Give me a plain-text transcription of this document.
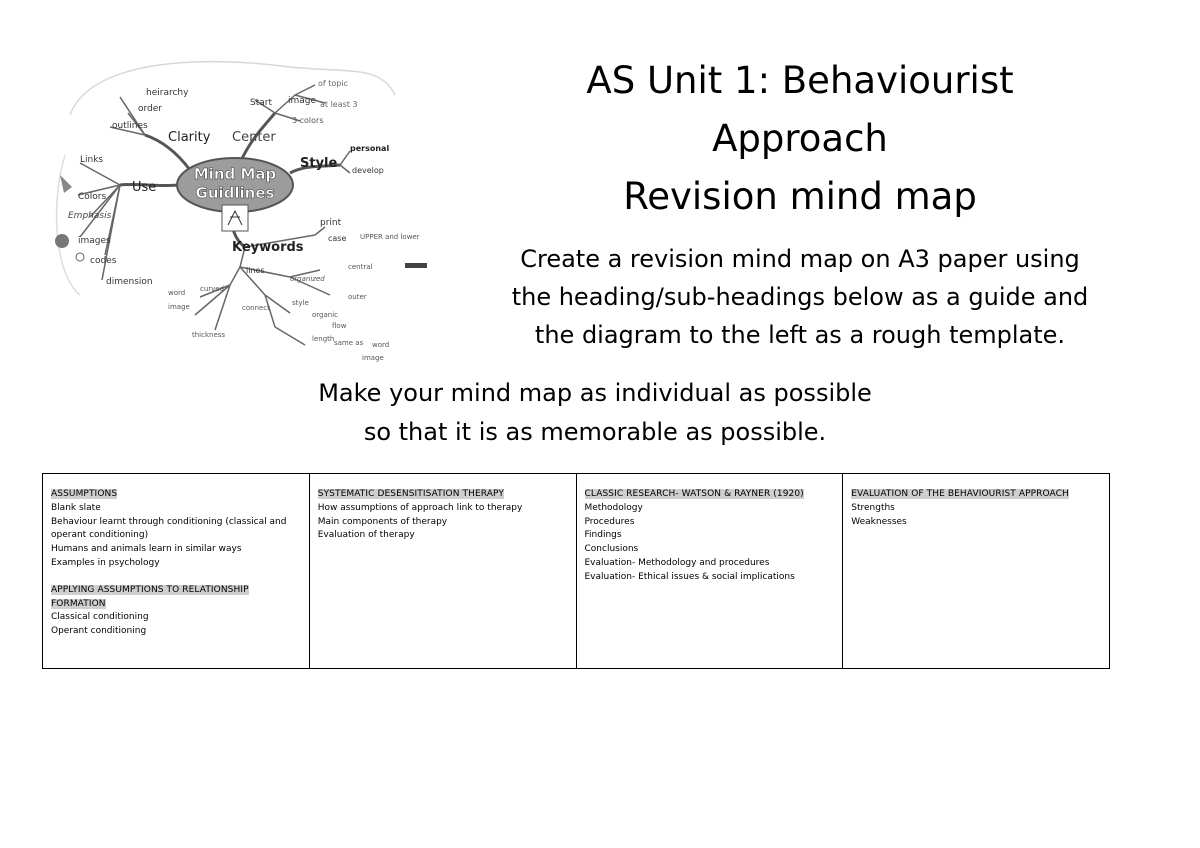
Mind Map
Guidlines
Clarity Center
Style
Use
Keywords
heirarchy
order
outlines
Start image
3 colors
of topic
at least 3
personal
develop
Links
Colors
Emphasis
images
codes
dimension
print
case UPPER and lower
lines
organized
central
outer
style
organic
flow
length same as word
image
connect
curved
word
image
thickness
AS Unit 1: Behaviourist
Approach
Revision mind map

Create a revision mind map on A3 paper using
the heading/sub-headings below as a guide and
the diagram to the left as a rough template.

Make your mind map as individual as possible
so that it is as memorable as possible.

ASSUMPTIONS
Blank slate
Behaviour learnt through conditioning (classical and operant conditioning)
Humans and animals learn in similar ways
Examples in psychology
APPLYING ASSUMPTIONS TO RELATIONSHIP FORMATION
Classical conditioning
Operant conditioning
SYSTEMATIC DESENSITISATION THERAPY
How assumptions of approach link to therapy
Main components of therapy
Evaluation of therapy
CLASSIC RESEARCH- WATSON & RAYNER (1920)
Methodology
Procedures
Findings
Conclusions
Evaluation- Methodology and procedures
Evaluation- Ethical issues & social implications
EVALUATION OF THE BEHAVIOURIST APPROACH
Strengths
Weaknesses
